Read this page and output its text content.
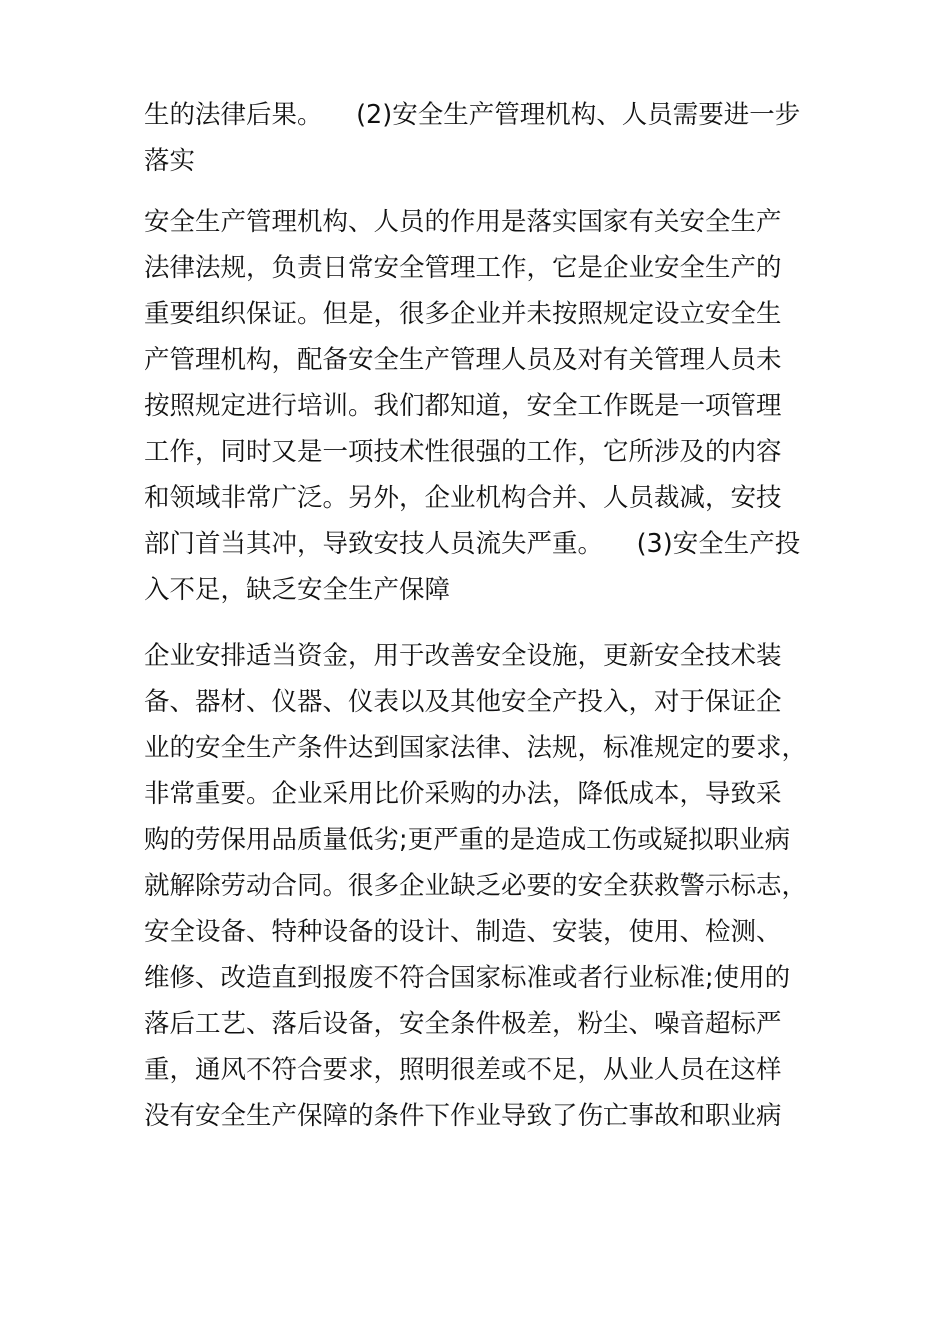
生的法律后果。 　(2)安全生产管理机构、人员需要进一步
落实
安全生产管理机构、人员的作用是落实国家有关安全生产
法律法规，负责日常安全管理工作，它是企业安全生产的
重要组织保证。但是，很多企业并未按照规定设立安全生
产管理机构，配备安全生产管理人员及对有关管理人员未
按照规定进行培训。我们都知道，安全工作既是一项管理
工作，同时又是一项技术性很强的工作，它所涉及的内容
和领域非常广泛。另外，企业机构合并、人员裁减，安技
部门首当其冲，导致安技人员流失严重。 　(3)安全生产投
入不足，缺乏安全生产保障
企业安排适当资金，用于改善安全设施，更新安全技术装
备、器材、仪器、仪表以及其他安全产投入，对于保证企
业的安全生产条件达到国家法律、法规，标准规定的要求，
非常重要。企业采用比价采购的办法，降低成本，导致采
购的劳保用品质量低劣;更严重的是造成工伤或疑拟职业病
就解除劳动合同。很多企业缺乏必要的安全获救警示标志，
安全设备、特种设备的设计、制造、安装，使用、检测、
维修、改造直到报废不符合国家标准或者行业标准;使用的
落后工艺、落后设备，安全条件极差，粉尘、噪音超标严
重，通风不符合要求，照明很差或不足，从业人员在这样
没有安全生产保障的条件下作业导致了伤亡事故和职业病
